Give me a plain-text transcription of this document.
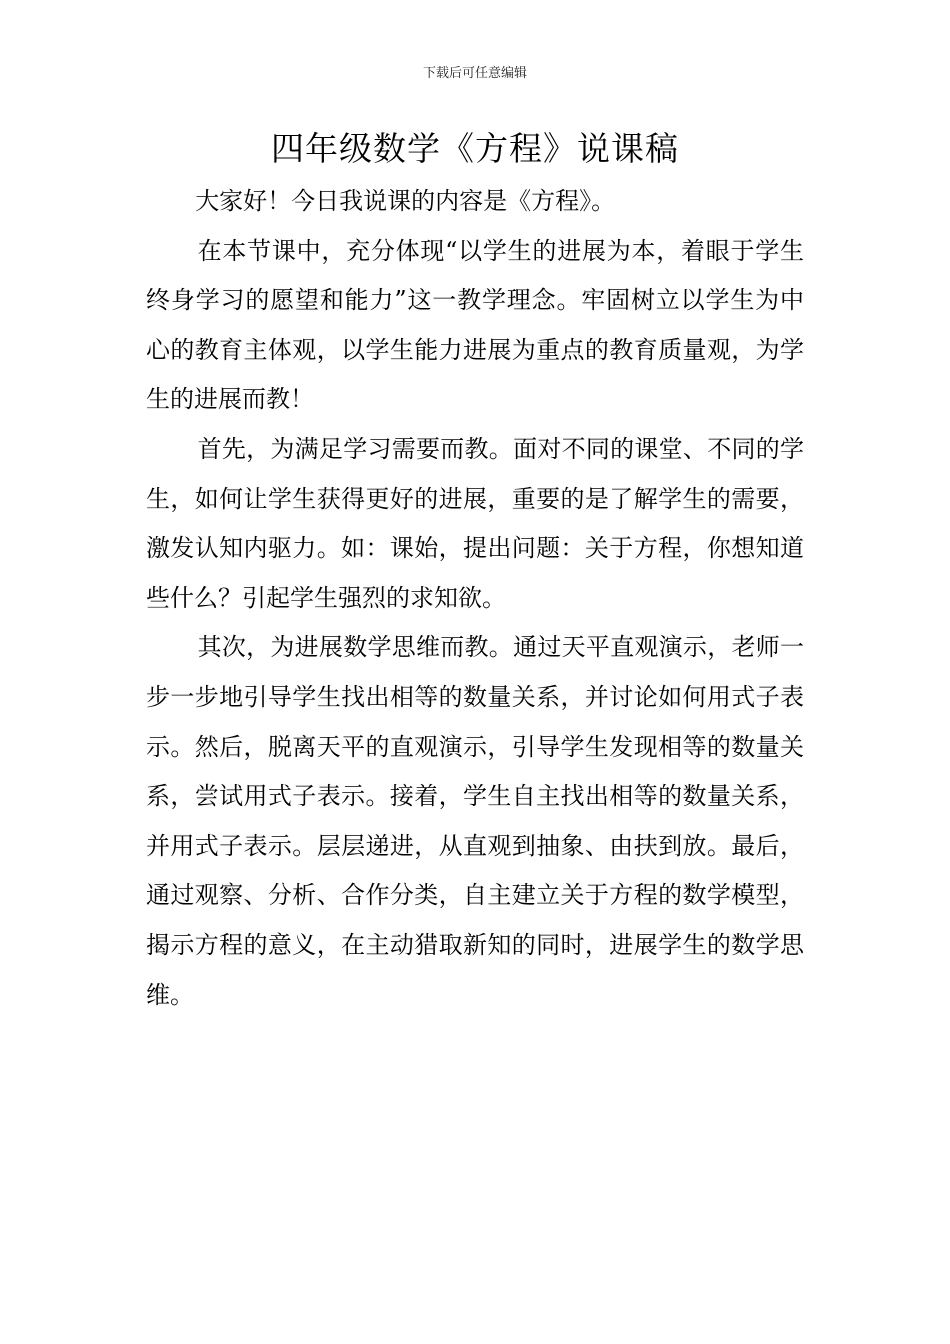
下载后可任意编辑
四年级数学《方程》说课稿

大家好！今日我说课的内容是《方程》。

在本节课中，充分体现“以学生的进展为本，着眼于学生终身学习的愿望和能力”这一教学理念。牢固树立以学生为中心的教育主体观，以学生能力进展为重点的教育质量观，为学生的进展而教！

首先，为满足学习需要而教。面对不同的课堂、不同的学生，如何让学生获得更好的进展，重要的是了解学生的需要，激发认知内驱力。如：课始，提出问题：关于方程，你想知道些什么？引起学生强烈的求知欲。

其次，为进展数学思维而教。通过天平直观演示，老师一步一步地引导学生找出相等的数量关系，并讨论如何用式子表示。然后，脱离天平的直观演示，引导学生发现相等的数量关系，尝试用式子表示。接着，学生自主找出相等的数量关系，并用式子表示。层层递进，从直观到抽象、由扶到放。最后，通过观察、分析、合作分类，自主建立关于方程的数学模型，揭示方程的意义，在主动猎取新知的同时，进展学生的数学思维。
